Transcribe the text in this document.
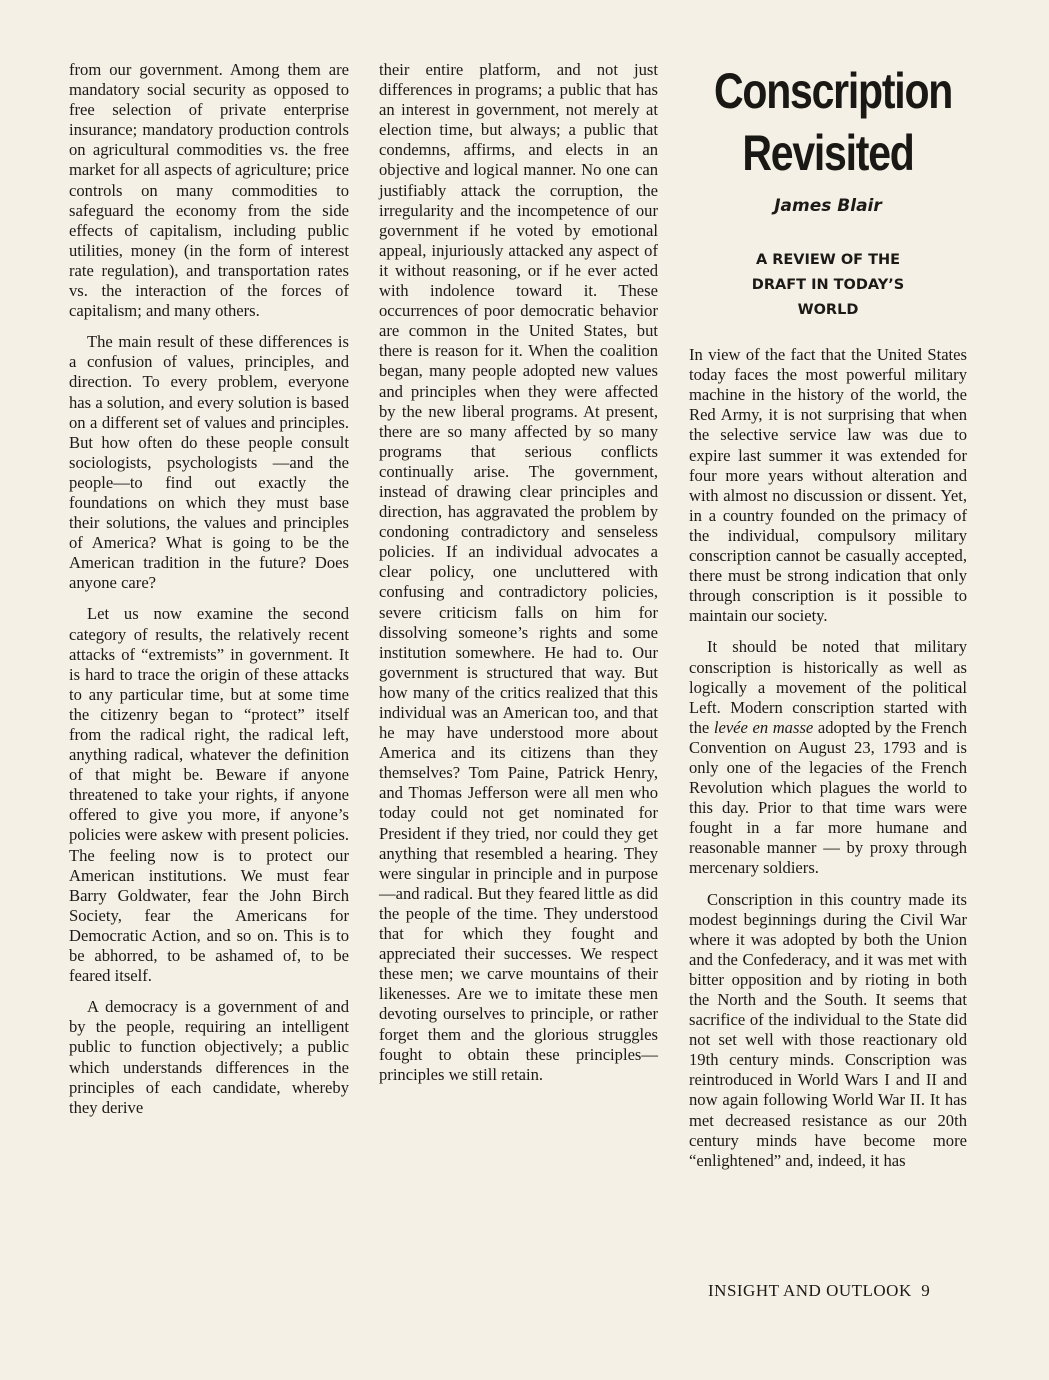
from our government. Among them are mandatory social security as opposed to free selection of private enterprise insurance; mandatory production controls on agricultural commodities vs. the free market for all aspects of agriculture; price controls on many commodities to safeguard the economy from the side effects of capitalism, including public utilities, money (in the form of interest rate regulation), and transportation rates vs. the interaction of the forces of capitalism; and many others.

The main result of these differences is a confusion of values, principles, and direction. To every problem, everyone has a solution, and every solution is based on a different set of values and principles. But how often do these people consult sociologists, psychologists —and the people—to find out exactly the foundations on which they must base their solutions, the values and principles of America? What is going to be the American tradition in the future? Does anyone care?

Let us now examine the second category of results, the relatively recent attacks of “extremists” in government. It is hard to trace the origin of these attacks to any particular time, but at some time the citizenry began to “protect” itself from the radical right, the radical left, anything radical, whatever the definition of that might be. Beware if anyone threatened to take your rights, if anyone offered to give you more, if anyone’s policies were askew with present policies. The feeling now is to protect our American institutions. We must fear Barry Goldwater, fear the John Birch Society, fear the Americans for Democratic Action, and so on. This is to be abhorred, to be ashamed of, to be feared itself.

A democracy is a government of and by the people, requiring an intelligent public to function objectively; a public which understands differences in the principles of each candidate, whereby they derive

their entire platform, and not just differences in programs; a public that has an interest in government, not merely at election time, but always; a public that condemns, affirms, and elects in an objective and logical manner. No one can justifiably attack the corruption, the irregularity and the incompetence of our government if he voted by emotional appeal, injuriously attacked any aspect of it without reasoning, or if he ever acted with indolence toward it. These occurrences of poor democratic behavior are common in the United States, but there is reason for it. When the coalition began, many people adopted new values and principles when they were affected by the new liberal programs. At present, there are so many affected by so many programs that serious conflicts continually arise. The government, instead of drawing clear principles and direction, has aggravated the problem by condoning contradictory and senseless policies. If an individual advocates a clear policy, one uncluttered with confusing and contradictory policies, severe criticism falls on him for dissolving someone’s rights and some institution somewhere. He had to. Our government is structured that way. But how many of the critics realized that this individual was an American too, and that he may have understood more about America and its citizens than they themselves? Tom Paine, Patrick Henry, and Thomas Jefferson were all men who today could not get nominated for President if they tried, nor could they get anything that resembled a hearing. They were singular in principle and in purpose—and radical. But they feared little as did the people of the time. They understood that for which they fought and appreciated their successes. We respect these men; we carve mountains of their likenesses. Are we to imitate these men devoting ourselves to principle, or rather forget them and the glorious struggles fought to obtain these principles— principles we still retain.

Conscription
Revisited
James Blair
A REVIEW OF THE
DRAFT IN TODAY’S
WORLD

In view of the fact that the United States today faces the most powerful military machine in the history of the world, the Red Army, it is not surprising that when the selective service law was due to expire last summer it was extended for four more years without alteration and with almost no discussion or dissent. Yet, in a country founded on the primacy of the individual, compulsory military conscription cannot be casually accepted, there must be strong indication that only through conscription is it possible to maintain our society.

It should be noted that military conscription is historically as well as logically a movement of the political Left. Modern conscription started with the levée en masse adopted by the French Convention on August 23, 1793 and is only one of the legacies of the French Revolution which plagues the world to this day. Prior to that time wars were fought in a far more humane and reasonable manner — by proxy through mercenary soldiers.

Conscription in this country made its modest beginnings during the Civil War where it was adopted by both the Union and the Confederacy, and it was met with bitter opposition and by rioting in both the North and the South. It seems that sacrifice of the individual to the State did not set well with those reactionary old 19th century minds. Conscription was reintroduced in World Wars I and II and now again following World War II. It has met decreased resistance as our 20th century minds have become more “enlightened” and, indeed, it has

INSIGHT AND OUTLOOK 9
